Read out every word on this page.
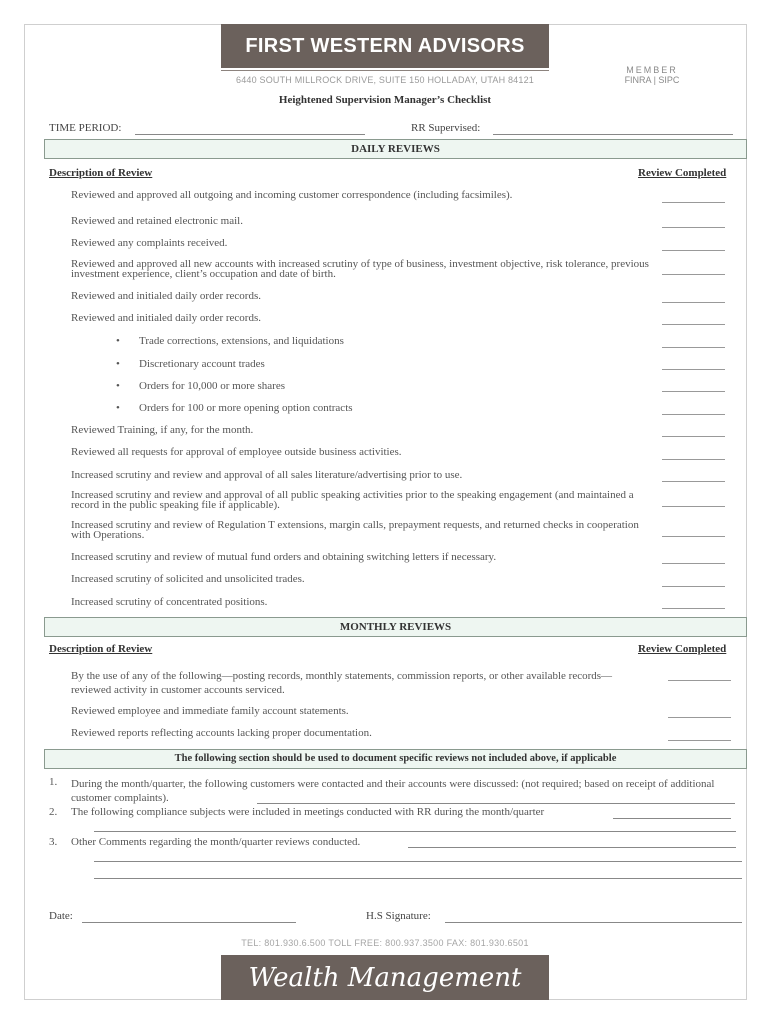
FIRST WESTERN ADVISORS
6440 SOUTH MILLROCK DRIVE, SUITE 150 HOLLADAY, UTAH 84121
MEMBER
FINRA | SIPC
Heightened Supervision Manager’s Checklist
TIME PERIOD:	RR Supervised:
DAILY REVIEWS
Description of Review	Review Completed
Reviewed and approved all outgoing and incoming customer correspondence (including facsimiles).
Reviewed and retained electronic mail.
Reviewed any complaints received.
Reviewed and approved all new accounts with increased scrutiny of type of business, investment objective, risk tolerance, previous investment experience, client’s occupation and date of birth.
Reviewed and initialed daily order records.
Reviewed and initialed daily order records.
• Trade corrections, extensions, and liquidations
• Discretionary account trades
• Orders for 10,000 or more shares
• Orders for 100 or more opening option contracts
Reviewed Training, if any, for the month.
Reviewed all requests for approval of employee outside business activities.
Increased scrutiny and review and approval of all sales literature/advertising prior to use.
Increased scrutiny and review and approval of all public speaking activities prior to the speaking engagement (and maintained a record in the public speaking file if applicable).
Increased scrutiny and review of Regulation T extensions, margin calls, prepayment requests, and returned checks in cooperation with Operations.
Increased scrutiny and review of mutual fund orders and obtaining switching letters if necessary.
Increased scrutiny of solicited and unsolicited trades.
Increased scrutiny of concentrated positions.
MONTHLY REVIEWS
Description of Review	Review Completed
By the use of any of the following—posting records, monthly statements, commission reports, or other available records—reviewed activity in customer accounts serviced.
Reviewed employee and immediate family account statements.
Reviewed reports reflecting accounts lacking proper documentation.
The following section should be used to document specific reviews not included above, if applicable
1. During the month/quarter, the following customers were contacted and their accounts were discussed: (not required; based on receipt of additional customer complaints).
2. The following compliance subjects were included in meetings conducted with RR during the month/quarter
3. Other Comments regarding the month/quarter reviews conducted.
Date:	H.S Signature:
TEL: 801.930.6.500 TOLL FREE: 800.937.3500 FAX: 801.930.6501
Wealth Management
